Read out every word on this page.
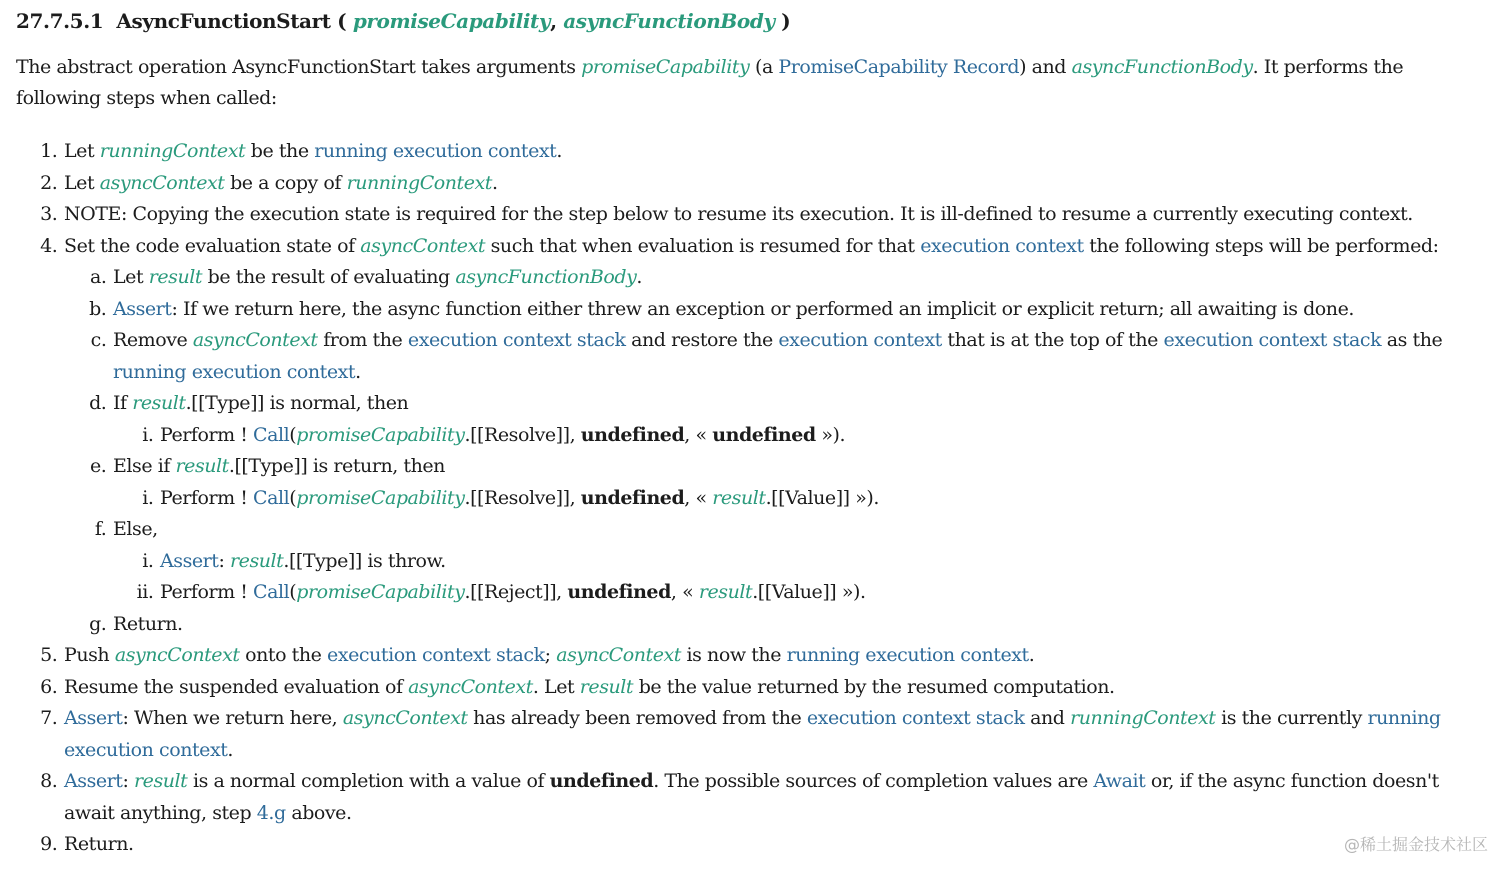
27.7.5.1 AsyncFunctionStart ( promiseCapability, asyncFunctionBody )

The abstract operation AsyncFunctionStart takes arguments promiseCapability (a PromiseCapability Record) and asyncFunctionBody. It performs the following steps when called:

1. Let runningContext be the running execution context.
2. Let asyncContext be a copy of runningContext.
3. NOTE: Copying the execution state is required for the step below to resume its execution. It is ill-defined to resume a currently executing context.
4. Set the code evaluation state of asyncContext such that when evaluation is resumed for that execution context the following steps will be performed:
a. Let result be the result of evaluating asyncFunctionBody.
b. Assert: If we return here, the async function either threw an exception or performed an implicit or explicit return; all awaiting is done.
c. Remove asyncContext from the execution context stack and restore the execution context that is at the top of the execution context stack as the running execution context.
d. If result.[[Type]] is normal, then
i. Perform ! Call(promiseCapability.[[Resolve]], undefined, « undefined »).
e. Else if result.[[Type]] is return, then
i. Perform ! Call(promiseCapability.[[Resolve]], undefined, « result.[[Value]] »).
f. Else,
i. Assert: result.[[Type]] is throw.
ii. Perform ! Call(promiseCapability.[[Reject]], undefined, « result.[[Value]] »).
g. Return.
5. Push asyncContext onto the execution context stack; asyncContext is now the running execution context.
6. Resume the suspended evaluation of asyncContext. Let result be the value returned by the resumed computation.
7. Assert: When we return here, asyncContext has already been removed from the execution context stack and runningContext is the currently running execution context.
8. Assert: result is a normal completion with a value of undefined. The possible sources of completion values are Await or, if the async function doesn't await anything, step 4.g above.
9. Return.	@稀土掘金技术社区
